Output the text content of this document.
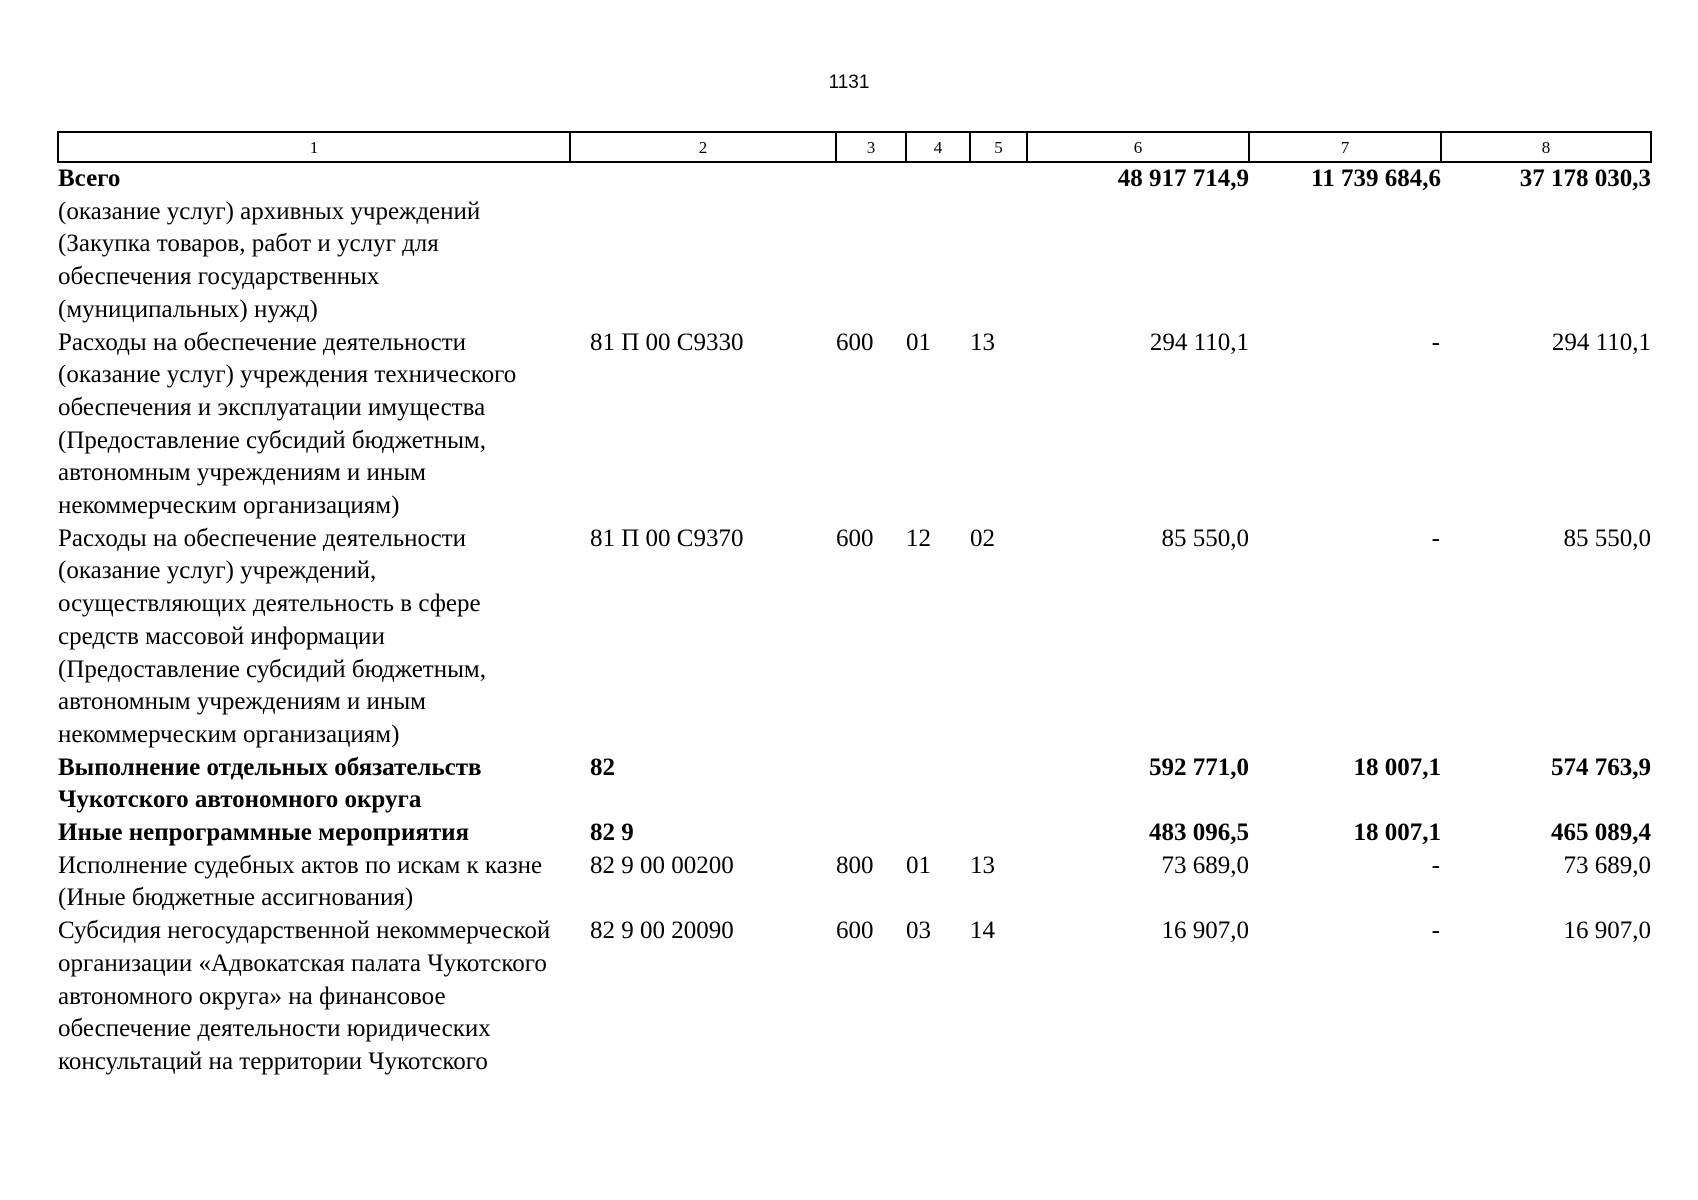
1131
1	2	3	4	5	6	7	8
Всего					48 917 714,9	11 739 684,6	37 178 030,3
(оказание услуг) архивных учреждений (Закупка товаров, работ и услуг для обеспечения государственных (муниципальных) нужд)							
Расходы на обеспечение деятельности (оказание услуг) учреждения технического обеспечения и эксплуатации имущества (Предоставление субсидий бюджетным, автономным учреждениям и иным некоммерческим организациям)	81 П 00 С9330	600	01	13	294 110,1	-	294 110,1
Расходы на обеспечение деятельности (оказание услуг) учреждений, осуществляющих деятельность в сфере средств массовой информации (Предоставление субсидий бюджетным, автономным учреждениям и иным некоммерческим организациям)	81 П 00 С9370	600	12	02	85 550,0	-	85 550,0
Выполнение отдельных обязательств Чукотского автономного округа	82				592 771,0	18 007,1	574 763,9
Иные непрограммные мероприятия	82 9				483 096,5	18 007,1	465 089,4
Исполнение судебных актов по искам к казне (Иные бюджетные ассигнования)	82 9 00 00200	800	01	13	73 689,0	-	73 689,0
Субсидия негосударственной некоммерческой организации «Адвокатская палата Чукотского автономного округа» на финансовое обеспечение деятельности юридических консультаций на территории Чукотского	82 9 00 20090	600	03	14	16 907,0	-	16 907,0
